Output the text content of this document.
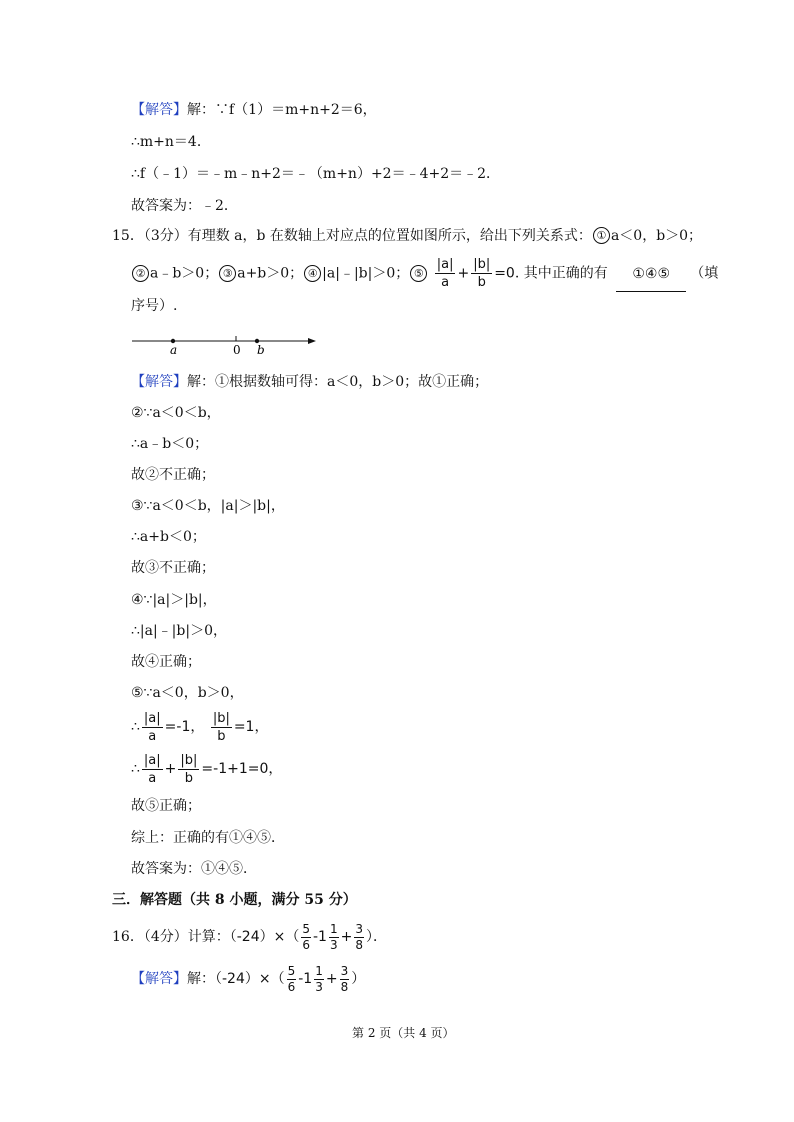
【解答】解：∵f（1）＝m+n+2＝6，
∴m+n＝4．
∴f（﹣1）＝﹣m﹣n+2＝﹣（m+n）+2＝﹣4+2＝﹣2．
故答案为：﹣2．
15．（3分）有理数 a，b 在数轴上对应点的位置如图所示，给出下列关系式： ① a＜0，b＞0；
② a﹣b＞0； ③ a+b＞0； ④ |a|﹣|b|＞0； ⑤ $\frac{|a|}{a} + \frac{|b|}{b} =0$. 其中正确的有 ①④⑤ （填
序号）.
a	0 b
【解答】解：①根据数轴可得：a＜0，b＞0；故①正确；
②∵a＜0＜b，
∴a﹣b＜0；
故②不正确；
③∵a＜0＜b，|a|＞|b|，
∴a+b＜0；
故③不正确；
④∵|a|＞|b|，
∴|a|﹣|b|＞0，
故④正确；
⑤∵a＜0，b＞0，
∴ $\frac{|a|}{a} =-1$， $\frac{|b|}{b} =1$，
∴ $\frac{|a|}{a} + \frac{|b|}{b} =-1+1=0$，
故⑤正确；
综上：正确的有①④⑤．
故答案为：①④⑤．
三．解答题（共 8 小题，满分 55 分）
16．（4分）计算：$(-24)\times( \frac{5}{6} -1 \frac{1}{3} + \frac{3}{8}$ ）．
【解答】解：$(-24)\times( \frac{5}{6} -1 \frac{1}{3} + \frac{3}{8}$ ）
第 2 页（共 4 页）
